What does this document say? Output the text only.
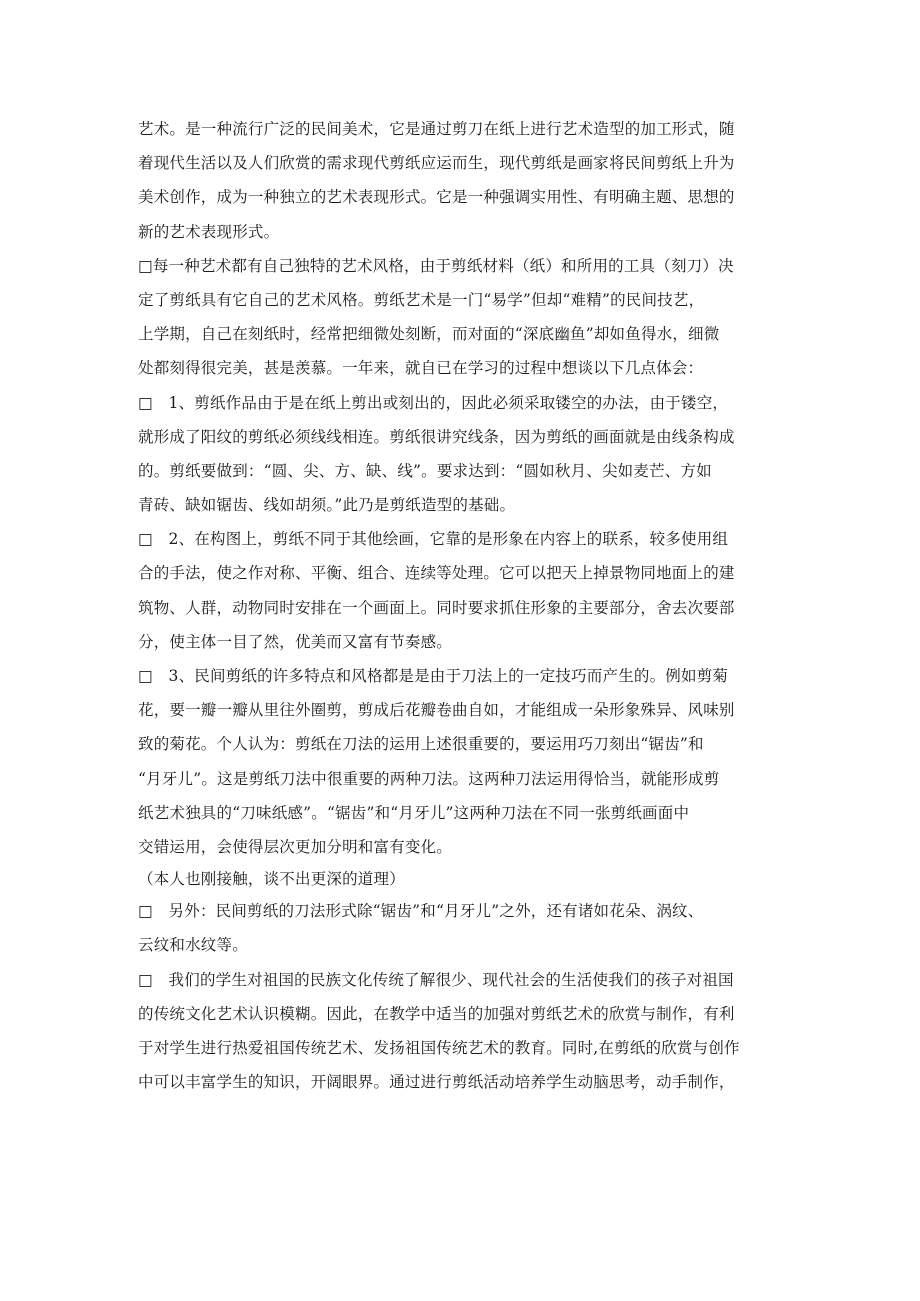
艺术。是一种流行广泛的民间美术，它是通过剪刀在纸上进行艺术造型的加工形式，随
着现代生活以及人们欣赏的需求现代剪纸应运而生，现代剪纸是画家将民间剪纸上升为
美术创作，成为一种独立的艺术表现形式。它是一种强调实用性、有明确主题、思想的
新的艺术表现形式。
□每一种艺术都有自己独特的艺术风格，由于剪纸材料（纸）和所用的工具（刻刀）决
定了剪纸具有它自己的艺术风格。剪纸艺术是一门“易学”但却“难精”的民间技艺，
上学期，自己在刻纸时，经常把细微处刻断，而对面的“深底幽鱼”却如鱼得水，细微
处都刻得很完美，甚是羡慕。一年来，就自已在学习的过程中想谈以下几点体会：
□　1、剪纸作品由于是在纸上剪出或刻出的，因此必须采取镂空的办法，由于镂空，
就形成了阳纹的剪纸必须线线相连。剪纸很讲究线条，因为剪纸的画面就是由线条构成
的。剪纸要做到：“圆、尖、方、缺、线”。要求达到：“圆如秋月、尖如麦芒、方如
青砖、缺如锯齿、线如胡须。”此乃是剪纸造型的基础。
□　2、在构图上，剪纸不同于其他绘画，它靠的是形象在内容上的联系，较多使用组
合的手法，使之作对称、平衡、组合、连续等处理。它可以把天上掉景物同地面上的建
筑物、人群，动物同时安排在一个画面上。同时要求抓住形象的主要部分，舍去次要部
分，使主体一目了然，优美而又富有节奏感。
□　3、民间剪纸的许多特点和风格都是是由于刀法上的一定技巧而产生的。例如剪菊
花，要一瓣一瓣从里往外圈剪，剪成后花瓣卷曲自如，才能组成一朵形象殊异、风味别
致的菊花。个人认为：剪纸在刀法的运用上述很重要的，要运用巧刀刻出“锯齿”和
“月牙儿”。这是剪纸刀法中很重要的两种刀法。这两种刀法运用得恰当，就能形成剪
纸艺术独具的“刀味纸感”。“锯齿”和“月牙儿”这两种刀法在不同一张剪纸画面中
交错运用，会使得层次更加分明和富有变化。
（本人也刚接触，谈不出更深的道理）
□　另外：民间剪纸的刀法形式除“锯齿”和“月牙儿”之外，还有诸如花朵、涡纹、
云纹和水纹等。
□　我们的学生对祖国的民族文化传统了解很少、现代社会的生活使我们的孩子对祖国
的传统文化艺术认识模糊。因此，在教学中适当的加强对剪纸艺术的欣赏与制作，有利
于对学生进行热爱祖国传统艺术、发扬祖国传统艺术的教育。同时,在剪纸的欣赏与创作
中可以丰富学生的知识，开阔眼界。通过进行剪纸活动培养学生动脑思考，动手制作，
